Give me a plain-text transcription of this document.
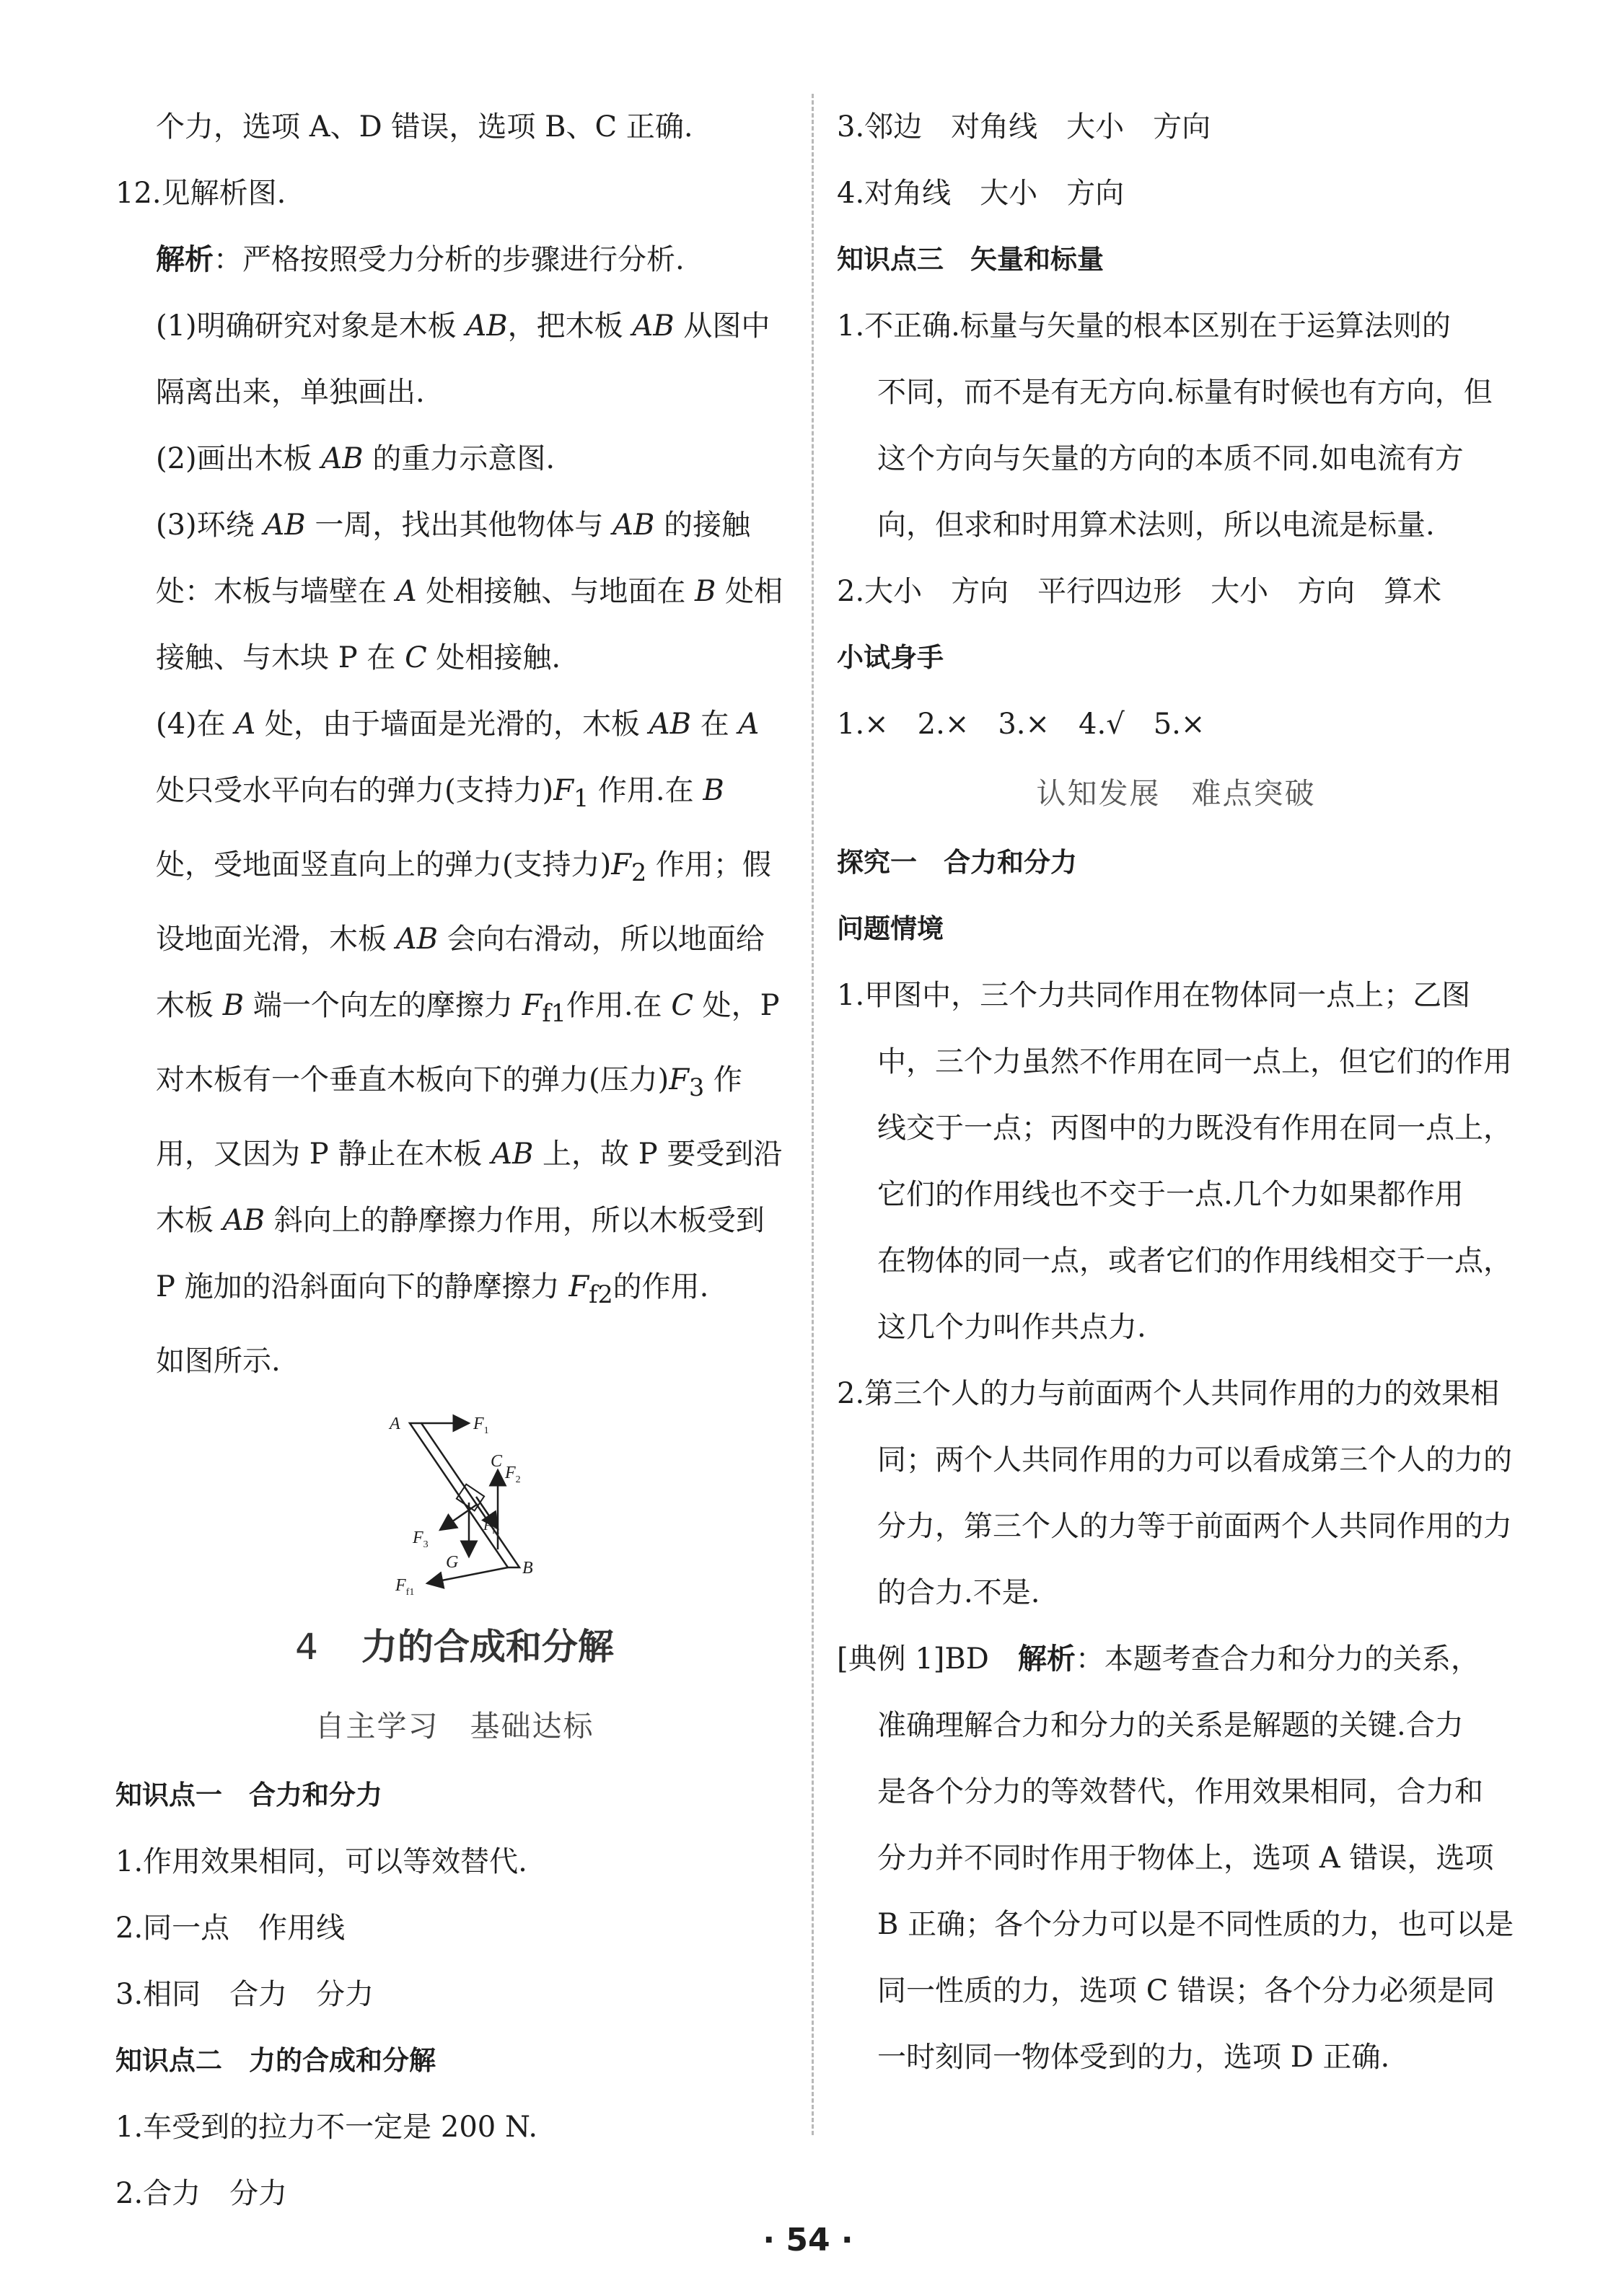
个力，选项 A、D 错误，选项 B、C 正确.

12.见解析图.

解析：严格按照受力分析的步骤进行分析.

(1)明确研究对象是木板 AB，把木板 AB 从图中

隔离出来，单独画出.

(2)画出木板 AB 的重力示意图.

(3)环绕 AB 一周，找出其他物体与 AB 的接触

处：木板与墙壁在 A 处相接触、与地面在 B 处相

接触、与木块 P 在 C 处相接触.

(4)在 A 处，由于墙面是光滑的，木板 AB 在 A

处只受水平向右的弹力(支持力)$F_1$ 作用.在 B

处，受地面竖直向上的弹力(支持力)$F_2$ 作用；假

设地面光滑，木板 AB 会向右滑动，所以地面给

木板 B 端一个向左的摩擦力 $F_{f1}$作用.在 C 处，P

对木板有一个垂直木板向下的弹力(压力)$F_3$ 作

用，又因为 P 静止在木板 AB 上，故 P 要受到沿

木板 AB 斜向上的静摩擦力作用，所以木板受到

P 施加的沿斜面向下的静摩擦力 $F_{f2}$的作用.

如图所示.

A	$F_1$
C
$F_2$
$F_3$
G
$F_{f2}$
$F_{f1}$
B

4 力的合成和分解

自主学习　基础达标

知识点一　合力和分力

1.作用效果相同，可以等效替代.

2.同一点　作用线

3.相同　合力　分力

知识点二　力的合成和分解

1.车受到的拉力不一定是 200 N.

2.合力　分力

3.邻边　对角线　大小　方向

4.对角线　大小　方向

知识点三　矢量和标量

1.不正确.标量与矢量的根本区别在于运算法则的

不同，而不是有无方向.标量有时候也有方向，但

这个方向与矢量的方向的本质不同.如电流有方

向，但求和时用算术法则，所以电流是标量.

2.大小　方向　平行四边形　大小　方向　算术

小试身手

1.×　2.×　3.×　4.√　5.×

认知发展　难点突破

探究一　合力和分力

问题情境

1.甲图中，三个力共同作用在物体同一点上；乙图

中，三个力虽然不作用在同一点上，但它们的作用

线交于一点；丙图中的力既没有作用在同一点上，

它们的作用线也不交于一点.几个力如果都作用

在物体的同一点，或者它们的作用线相交于一点，

这几个力叫作共点力.

2.第三个人的力与前面两个人共同作用的力的效果相

同；两个人共同作用的力可以看成第三个人的力的

分力，第三个人的力等于前面两个人共同作用的力

的合力.不是.

[典例 1]BD 解析：本题考查合力和分力的关系，

准确理解合力和分力的关系是解题的关键.合力

是各个分力的等效替代，作用效果相同，合力和

分力并不同时作用于物体上，选项 A 错误，选项

B 正确；各个分力可以是不同性质的力，也可以是

同一性质的力，选项 C 错误；各个分力必须是同

一时刻同一物体受到的力，选项 D 正确.

· 54 ·
